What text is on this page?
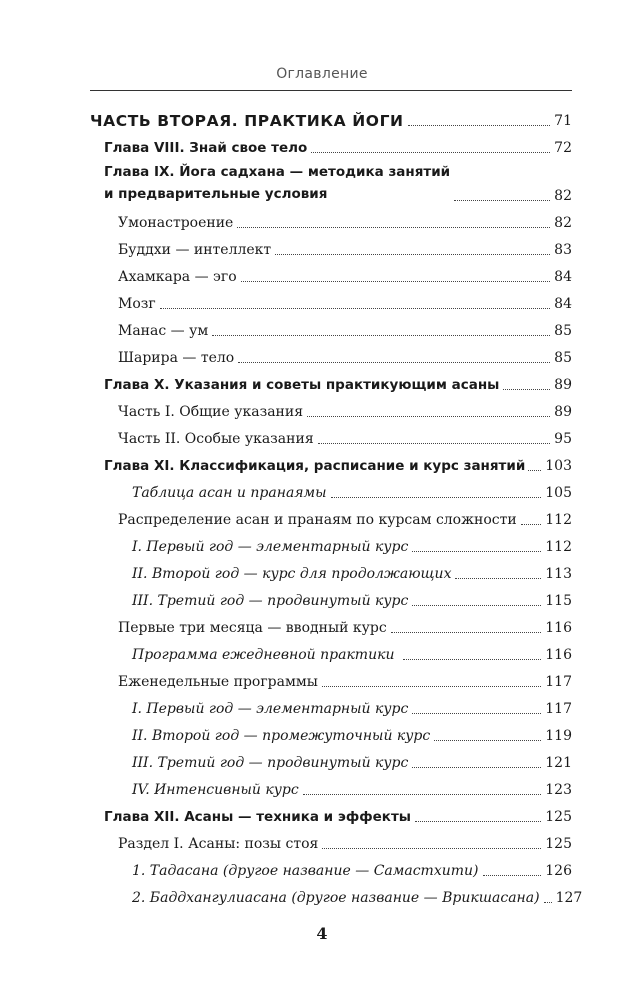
Оглавление
ЧАСТЬ ВТОРАЯ. ПРАКТИКА ЙОГИ	71
Глава VIII. Знай свое тело	72
Глава IX. Йога садхана — методика занятий
и предварительные условия	82
Умонастроение	82
Буддхи — интеллект	83
Ахамкара — эго	84
Мозг	84
Манас — ум	85
Шарира — тело	85
Глава X. Указания и советы практикующим асаны	89
Часть I. Общие указания	89
Часть II. Особые указания	95
Глава XI. Классификация, расписание и курс занятий 103
Таблица асан и пранаямы	105
Распределение асан и пранаям по курсам сложности 112
I. Первый год — элементарный курс	112
II. Второй год — курс для продолжающих	113
III. Третий год — продвинутый курс	115
Первые три месяца — вводный курс	116
Программа ежедневной практики	116
Еженедельные программы	117
I. Первый год — элементарный курс	117
II. Второй год — промежуточный курс	119
III. Третий год — продвинутый курс	121
IV. Интенсивный курс	123
Глава XII. Асаны — техника и эффекты	125
Раздел I. Асаны: позы стоя	125
1. Тадасана (другое название — Самастхити)	126
2. Баддхангулиасана (другое название — Врикшасана) 127
4
